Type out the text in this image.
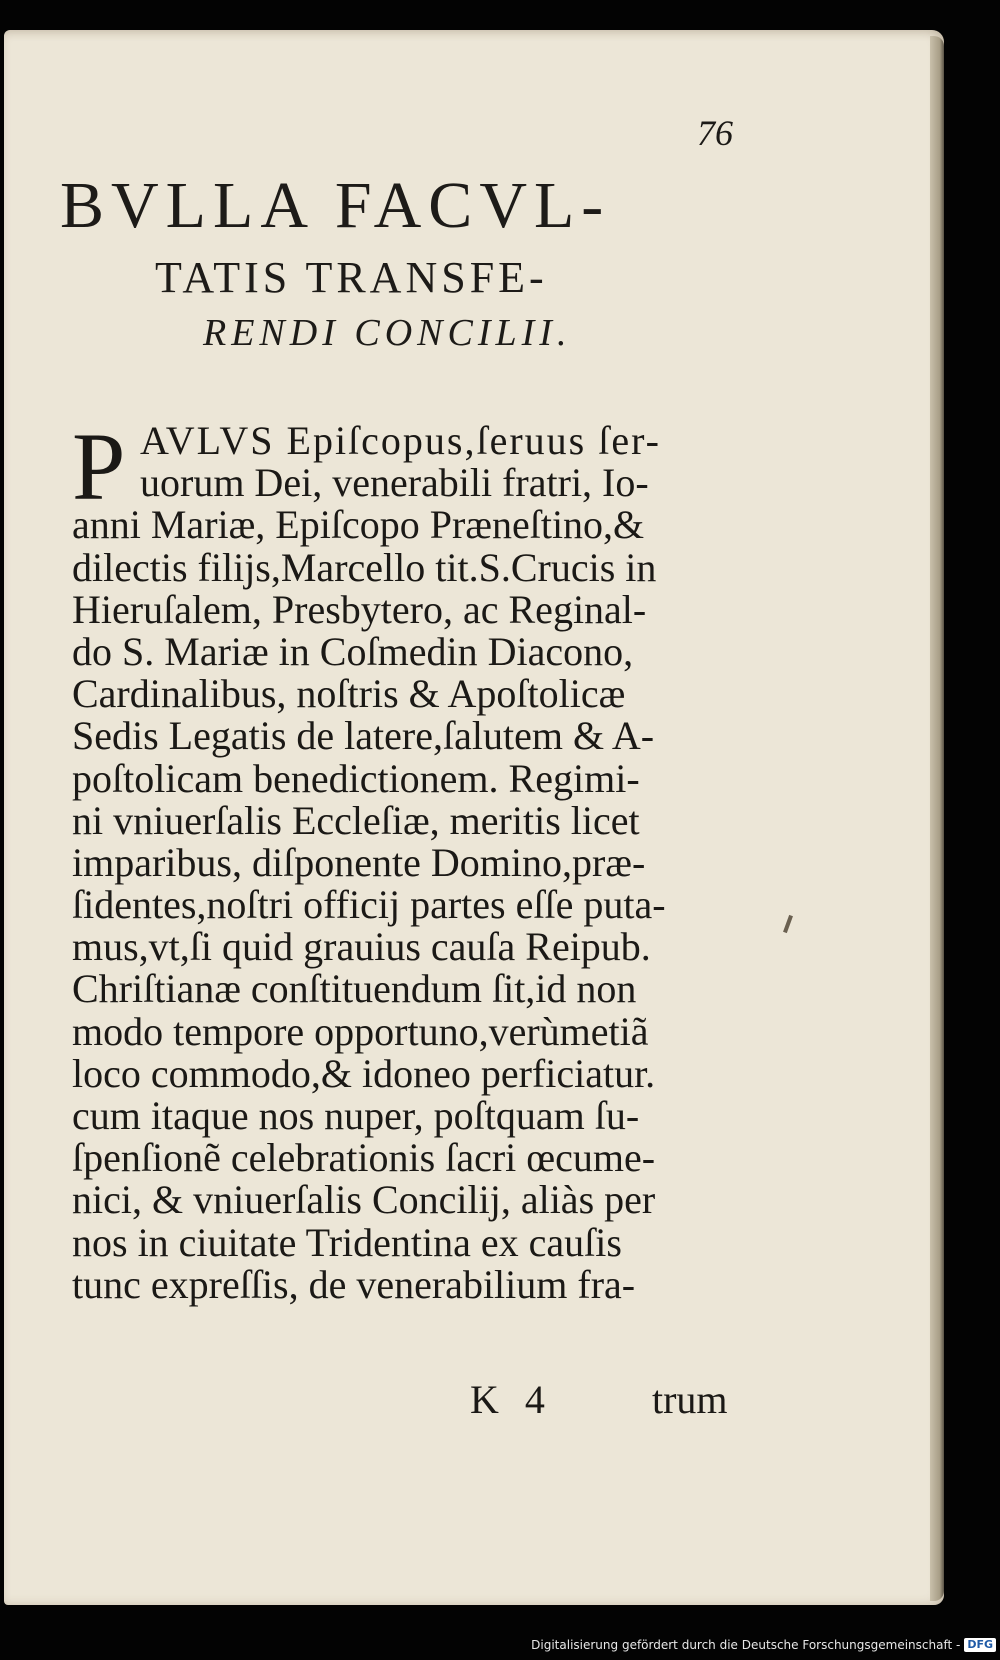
76
BVLLA FACVL-
TATIS TRANSFE-
RENDI CONCILII.
P AVLVS Epiſcopus,ſeruus ſer-
uorum Dei, venerabili fratri, Io-
anni Mariæ, Epiſcopo Præneſtino,&
dilectis filijs,Marcello tit.S.Crucis in
Hieruſalem, Presbytero, ac Reginal-
do S. Mariæ in Coſmedin Diacono,
Cardinalibus, noſtris & Apoſtolicæ
Sedis Legatis de latere,ſalutem & A-
poſtolicam benedictionem. Regimi-
ni vniuerſalis Eccleſiæ, meritis licet
imparibus, diſponente Domino,præ-
ſidentes,noſtri officij partes eſſe puta-
mus,vt,ſi quid grauius cauſa Reipub.
Chriſtianæ conſtituendum ſit,id non
modo tempore opportuno,verùmetiã
loco commodo,& idoneo perficiatur.
cum itaque nos nuper, poſtquam ſu-
ſpenſionẽ celebrationis ſacri œcume-
nici, & vniuerſalis Concilij, aliàs per
nos in ciuitate Tridentina ex cauſis
tunc expreſſis, de venerabilium fra-
K 4 trum
Digitalisierung gefördert durch die Deutsche Forschungsgemeinschaft - DFG
